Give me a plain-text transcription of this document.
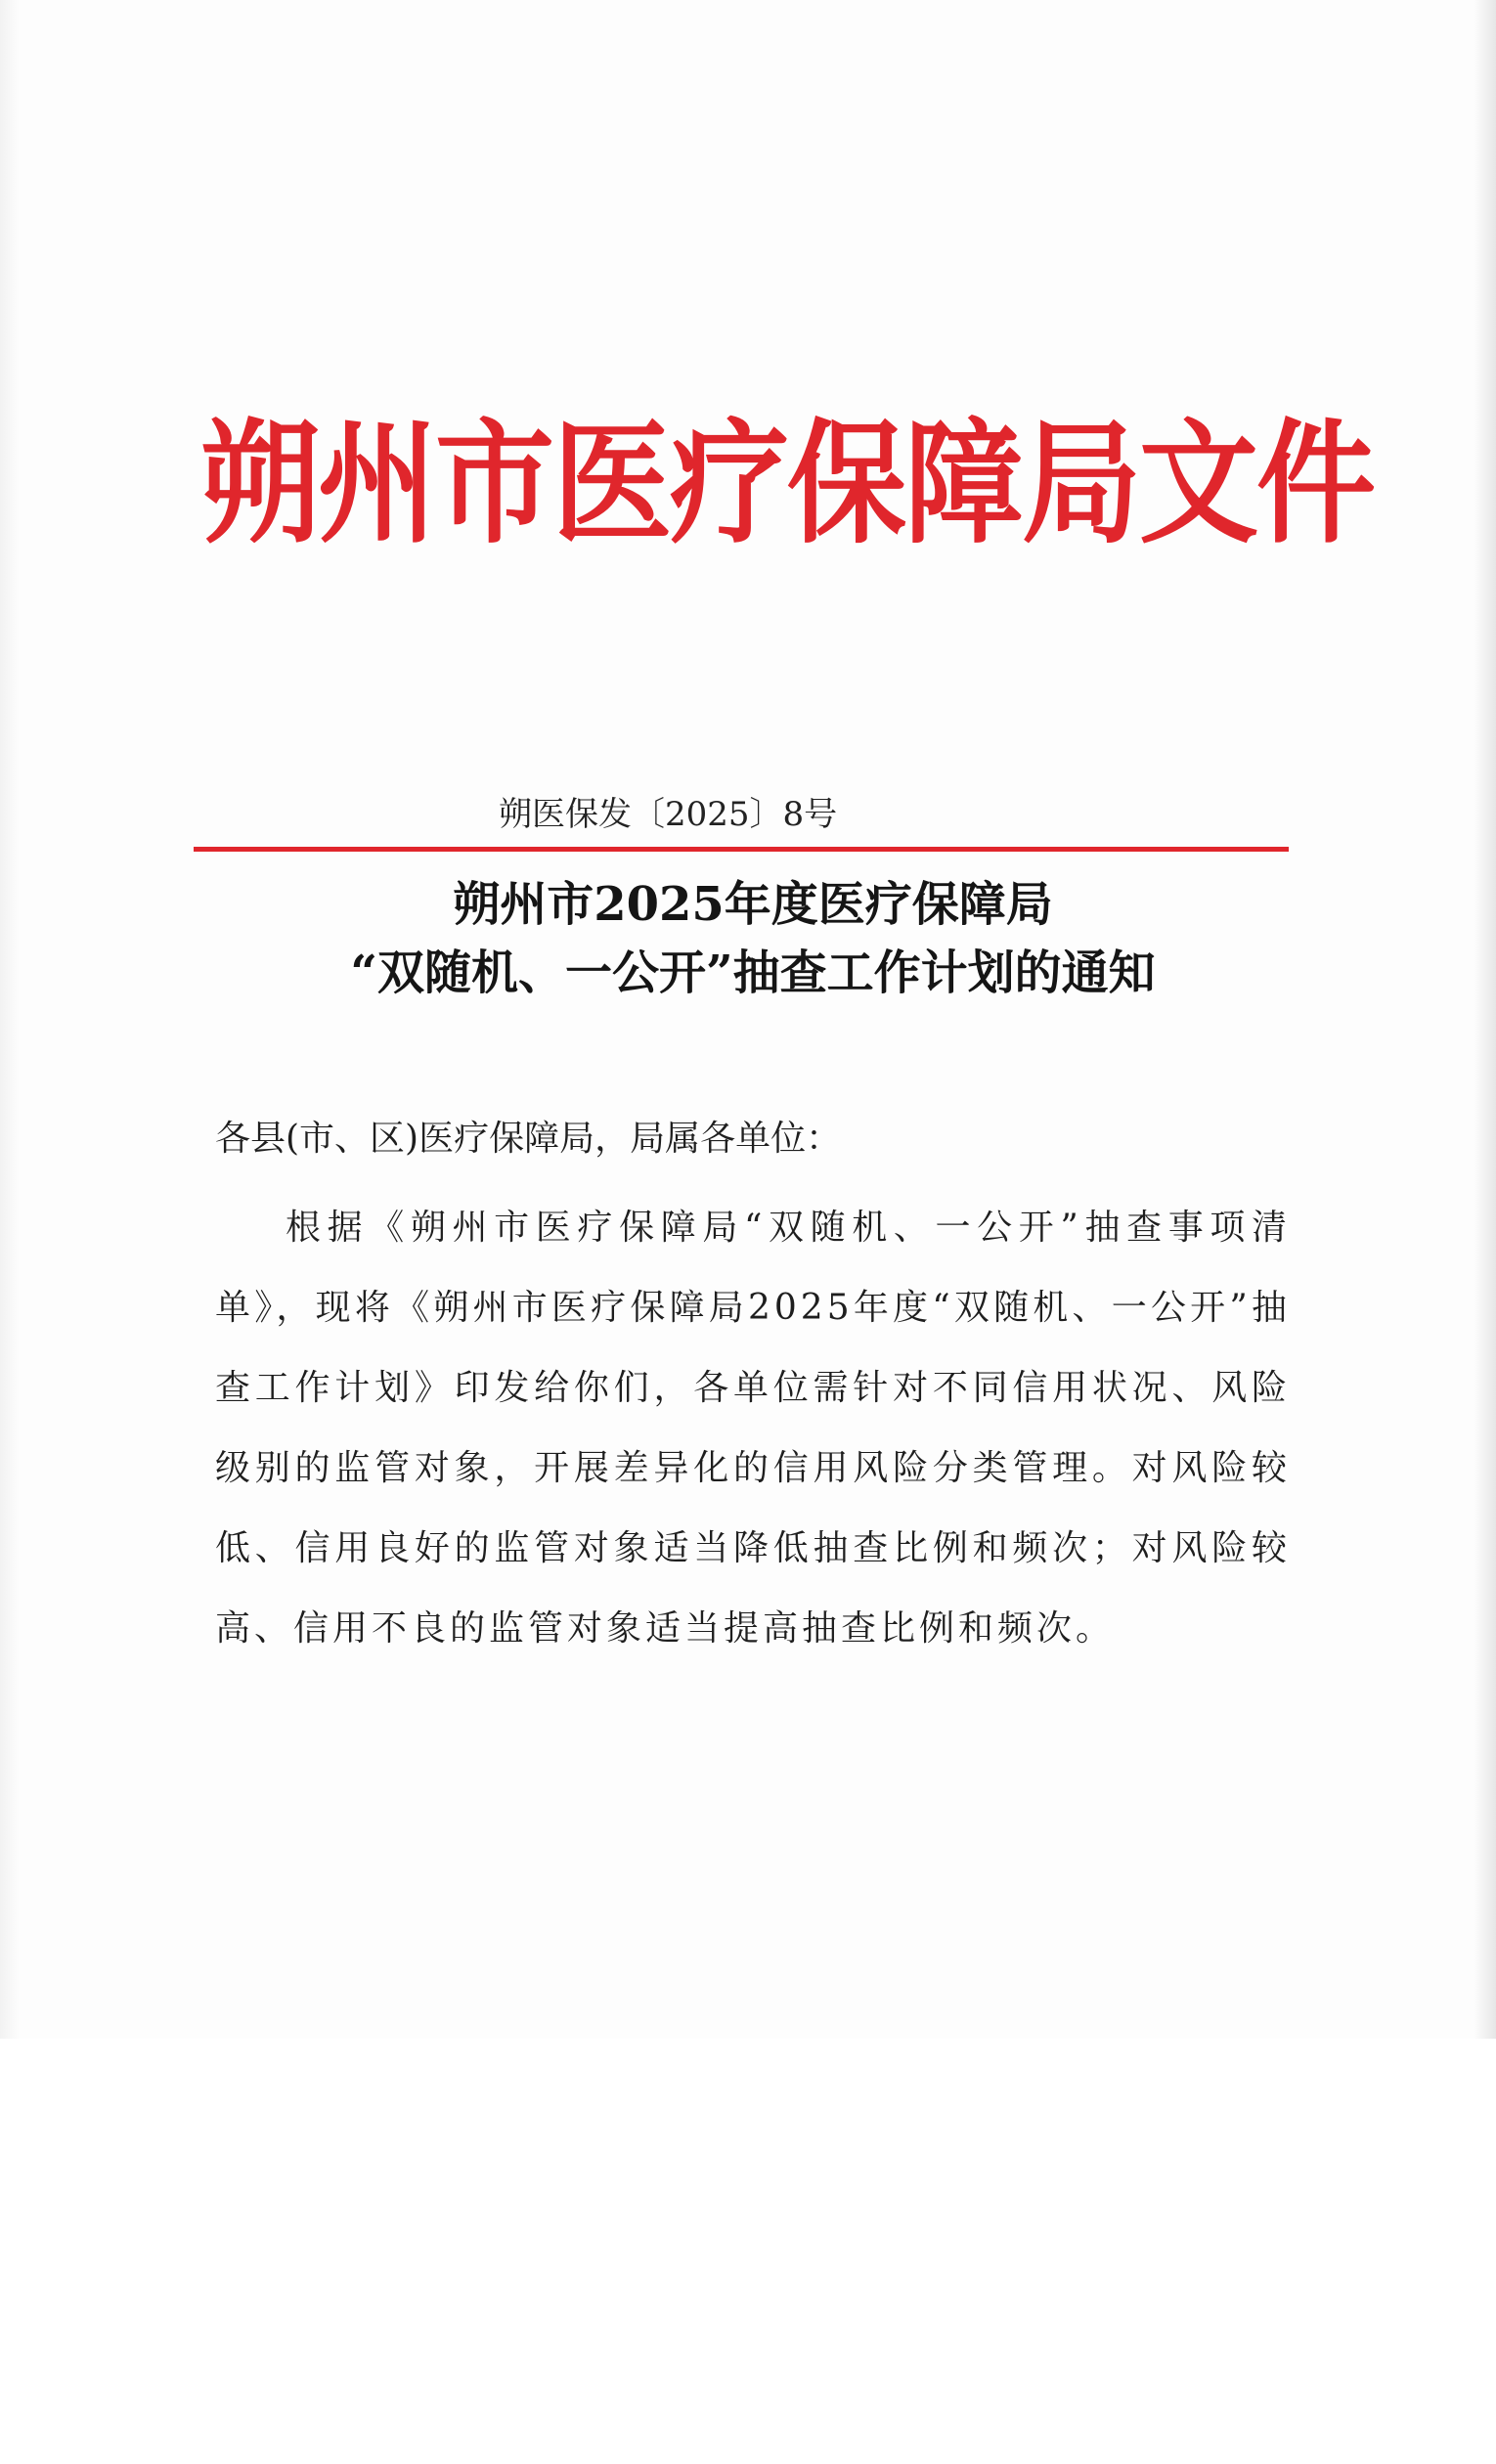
朔州市医疗保障局文件
朔医保发〔2025〕8号
朔州市2025年度医疗保障局
“双随机、一公开”抽查工作计划的通知
各县(市、区)医疗保障局，局属各单位：
根据《朔州市医疗保障局“双随机、一公开”抽查事项清单》，现将《朔州市医疗保障局2025年度“双随机、一公开”抽查工作计划》印发给你们，各单位需针对不同信用状况、风险级别的监管对象，开展差异化的信用风险分类管理。对风险较低、信用良好的监管对象适当降低抽查比例和频次；对风险较高、信用不良的监管对象适当提高抽查比例和频次。
